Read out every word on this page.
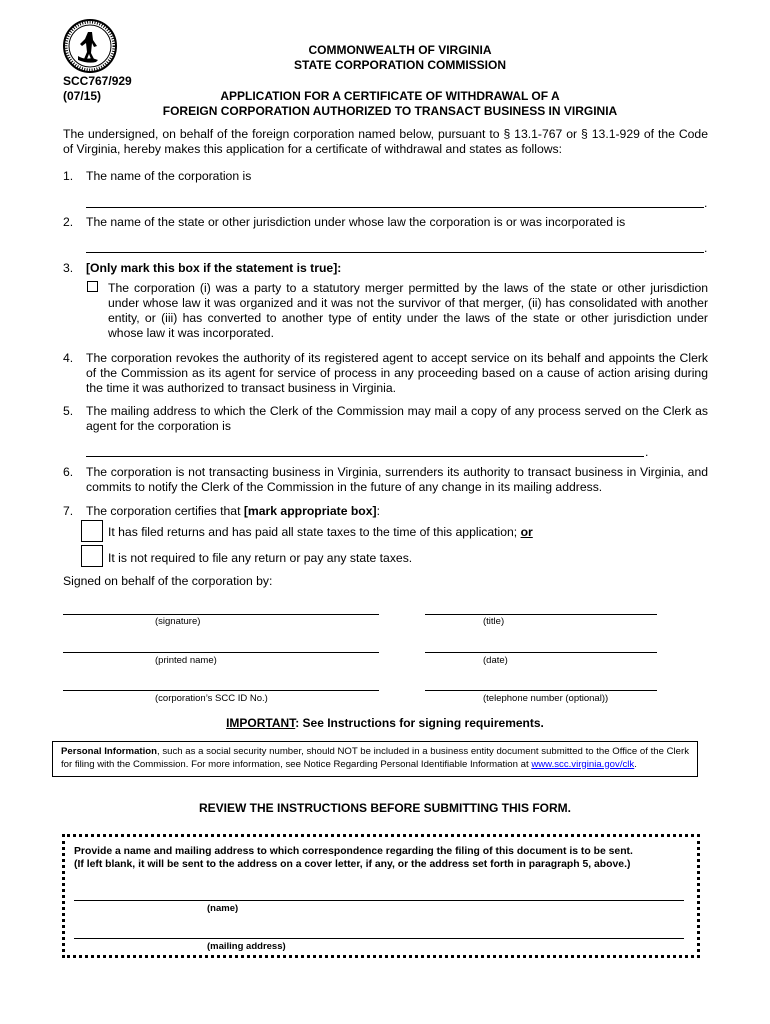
COMMONWEALTH OF VIRGINIA
STATE CORPORATION COMMISSION
SCC767/929
(07/15)	APPLICATION FOR A CERTIFICATE OF WITHDRAWAL OF A
FOREIGN CORPORATION AUTHORIZED TO TRANSACT BUSINESS IN VIRGINIA
The undersigned, on behalf of the foreign corporation named below, pursuant to § 13.1-767 or § 13.1-929 of the Code of Virginia, hereby makes this application for a certificate of withdrawal and states as follows:
1. The name of the corporation is
.
2. The name of the state or other jurisdiction under whose law the corporation is or was incorporated is
.
3. [Only mark this box if the statement is true]:
The corporation (i) was a party to a statutory merger permitted by the laws of the state or other jurisdiction under whose law it was organized and it was not the survivor of that merger, (ii) has consolidated with another entity, or (iii) has converted to another type of entity under the laws of the state or other jurisdiction under whose law it was incorporated.
4. The corporation revokes the authority of its registered agent to accept service on its behalf and appoints the Clerk of the Commission as its agent for service of process in any proceeding based on a cause of action arising during the time it was authorized to transact business in Virginia.
5. The mailing address to which the Clerk of the Commission may mail a copy of any process served on the Clerk as agent for the corporation is
.
6. The corporation is not transacting business in Virginia, surrenders its authority to transact business in Virginia, and commits to notify the Clerk of the Commission in the future of any change in its mailing address.
7. The corporation certifies that [mark appropriate box]:
It has filed returns and has paid all state taxes to the time of this application; or
It is not required to file any return or pay any state taxes.
Signed on behalf of the corporation by:
(signature)	(title)
(printed name)	(date)
(corporation’s SCC ID No.)	(telephone number (optional))
IMPORTANT: See Instructions for signing requirements.
Personal Information, such as a social security number, should NOT be included in a business entity document submitted to the Office of the Clerk for filing with the Commission. For more information, see Notice Regarding Personal Identifiable Information at www.scc.virginia.gov/clk.
REVIEW THE INSTRUCTIONS BEFORE SUBMITTING THIS FORM.
Provide a name and mailing address to which correspondence regarding the filing of this document is to be sent.
(If left blank, it will be sent to the address on a cover letter, if any, or the address set forth in paragraph 5, above.)
(name)
(mailing address)
